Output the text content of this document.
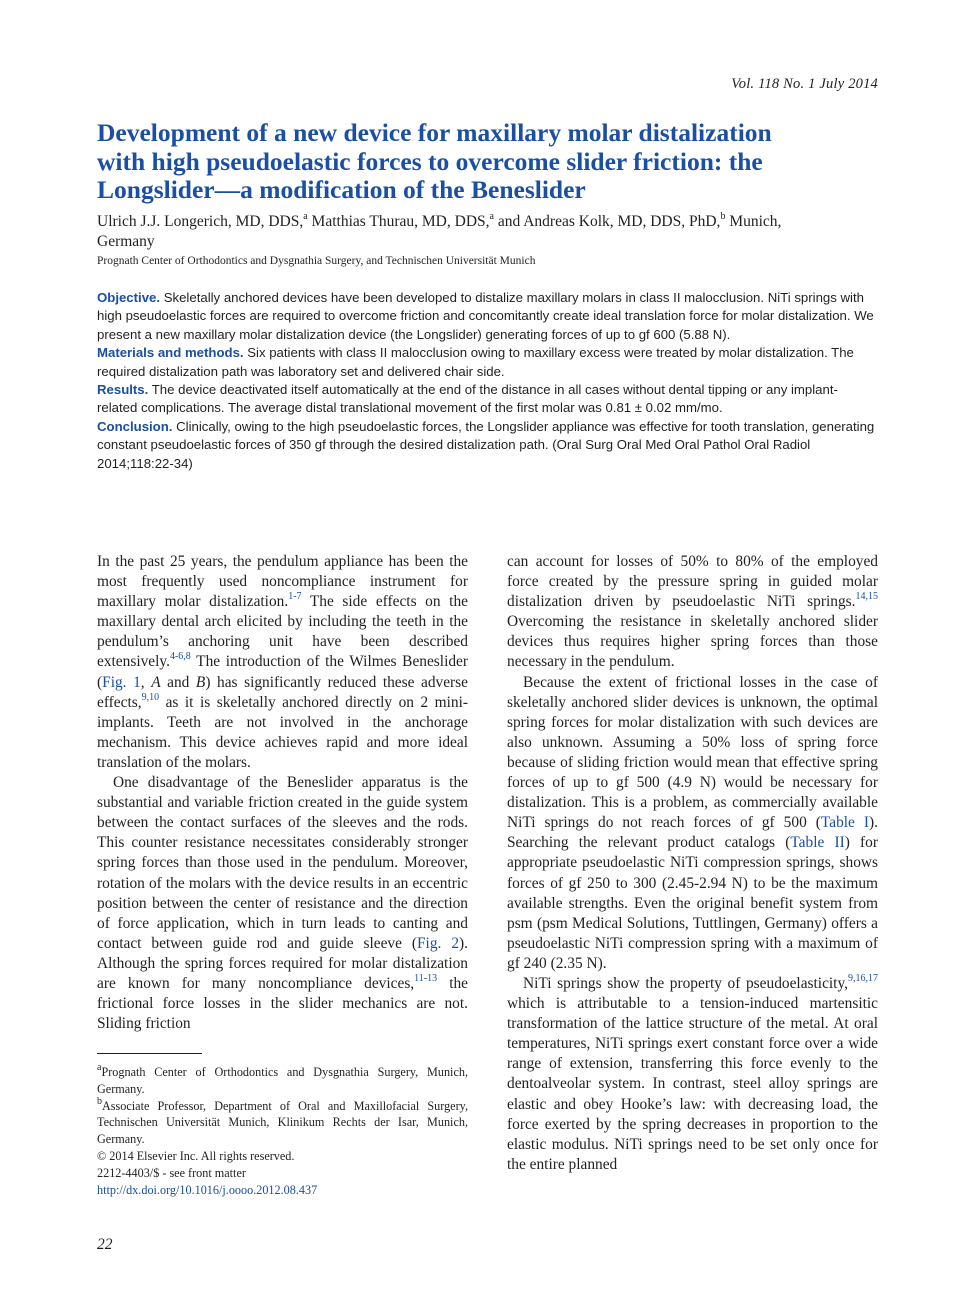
Vol. 118 No. 1 July 2014
Development of a new device for maxillary molar distalization
with high pseudoelastic forces to overcome slider friction: the
Longslider—a modification of the Beneslider
Ulrich J.J. Longerich, MD, DDS,$^a$ Matthias Thurau, MD, DDS,$^a$ and Andreas Kolk, MD, DDS, PhD,$^b$ Munich,
Germany
Prognath Center of Orthodontics and Dysgnathia Surgery, and Technischen Universität Munich

Objective. Skeletally anchored devices have been developed to distalize maxillary molars in class II malocclusion. NiTi springs with high pseudoelastic forces are required to overcome friction and concomitantly create ideal translation force for molar distalization. We present a new maxillary molar distalization device (the Longslider) generating forces of up to gf 600 (5.88 N).

Materials and methods. Six patients with class II malocclusion owing to maxillary excess were treated by molar distalization. The required distalization path was laboratory set and delivered chair side.

Results. The device deactivated itself automatically at the end of the distance in all cases without dental tipping or any implant-related complications. The average distal translational movement of the first molar was 0.81 ± 0.02 mm/mo.

Conclusion. Clinically, owing to the high pseudoelastic forces, the Longslider appliance was effective for tooth translation, generating constant pseudoelastic forces of 350 gf through the desired distalization path. (Oral Surg Oral Med Oral Pathol Oral Radiol 2014;118:22-34)

In the past 25 years, the pendulum appliance has been the most frequently used noncompliance instrument for maxillary molar distalization.$^{1-7}$ The side effects on the maxillary dental arch elicited by including the teeth in the pendulum’s anchoring unit have been described extensively.$^{4-6,8}$ The introduction of the Wilmes Beneslider (Fig. 1, A and B) has significantly reduced these adverse effects,$^{9,10}$ as it is skeletally anchored directly on 2 mini-implants. Teeth are not involved in the anchorage mechanism. This device achieves rapid and more ideal translation of the molars.

One disadvantage of the Beneslider apparatus is the substantial and variable friction created in the guide system between the contact surfaces of the sleeves and the rods. This counter resistance necessitates considerably stronger spring forces than those used in the pendulum. Moreover, rotation of the molars with the device results in an eccentric position between the center of resistance and the direction of force application, which in turn leads to canting and contact between guide rod and guide sleeve (Fig. 2). Although the spring forces required for molar distalization are known for many noncompliance devices,$^{11-13}$ the frictional force losses in the slider mechanics are not. Sliding friction

$^a$Prognath Center of Orthodontics and Dysgnathia Surgery, Munich, Germany.

$^b$Associate Professor, Department of Oral and Maxillofacial Surgery, Technischen Universität Munich, Klinikum Rechts der Isar, Munich, Germany.

© 2014 Elsevier Inc. All rights reserved.

2212-4403/$ - see front matter

http://dx.doi.org/10.1016/j.oooo.2012.08.437

can account for losses of 50% to 80% of the employed force created by the pressure spring in guided molar distalization driven by pseudoelastic NiTi springs.$^{14,15}$ Overcoming the resistance in skeletally anchored slider devices thus requires higher spring forces than those necessary in the pendulum.

Because the extent of frictional losses in the case of skeletally anchored slider devices is unknown, the optimal spring forces for molar distalization with such devices are also unknown. Assuming a 50% loss of spring force because of sliding friction would mean that effective spring forces of up to gf 500 (4.9 N) would be necessary for distalization. This is a problem, as commercially available NiTi springs do not reach forces of gf 500 (Table I). Searching the relevant product catalogs (Table II) for appropriate pseudoelastic NiTi compression springs, shows forces of gf 250 to 300 (2.45-2.94 N) to be the maximum available strengths. Even the original benefit system from psm (psm Medical Solutions, Tuttlingen, Germany) offers a pseudoelastic NiTi compression spring with a maximum of gf 240 (2.35 N).

NiTi springs show the property of pseudoelasticity,$^{9,16,17}$ which is attributable to a tension-induced martensitic transformation of the lattice structure of the metal. At oral temperatures, NiTi springs exert constant force over a wide range of extension, transferring this force evenly to the dentoalveolar system. In contrast, steel alloy springs are elastic and obey Hooke’s law: with decreasing load, the force exerted by the spring decreases in proportion to the elastic modulus. NiTi springs need to be set only once for the entire planned

22
